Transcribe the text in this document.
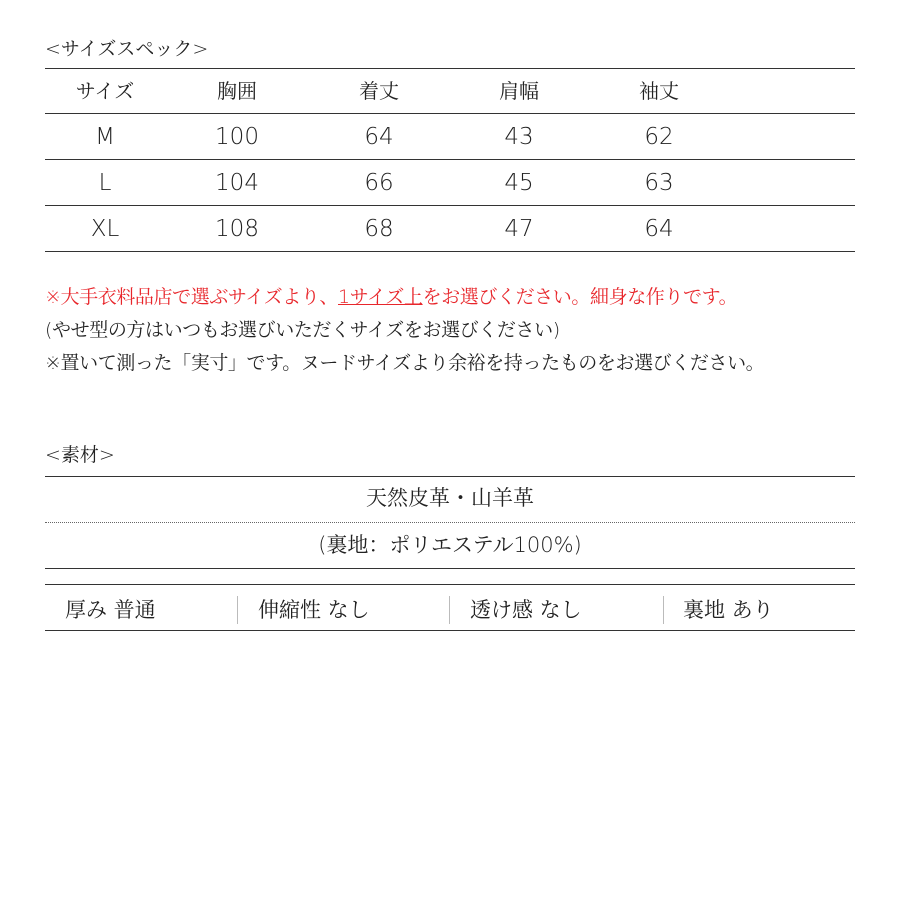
<サイズスペック>
サイズ	胸囲	着丈	肩幅	袖丈
M	100	64	43	62
L	104	66	45	63
XL	108	68	47	64
※大手衣料品店で選ぶサイズより、1サイズ上をお選びください。細身な作りです。
(やせ型の方はいつもお選びいただくサイズをお選びください)
※置いて測った「実寸」です。ヌードサイズより余裕を持ったものをお選びください。
<素材>
天然皮革・山羊革
(裏地：ポリエステル100%)
厚み 普通	伸縮性 なし	透け感 なし	裏地 あり
